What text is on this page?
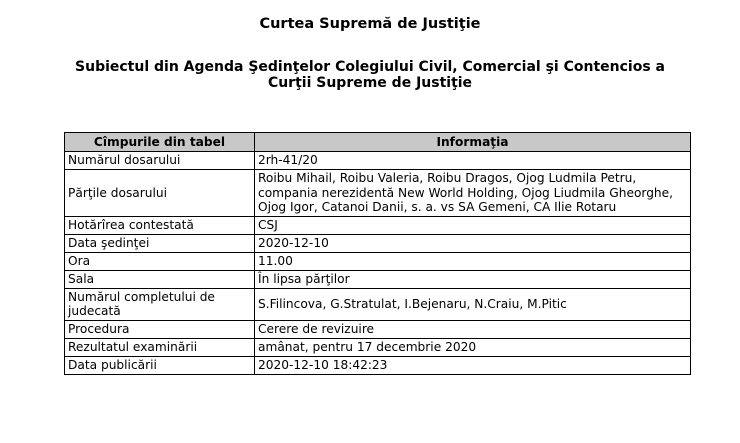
Curtea Supremă de Justiţie
Subiectul din Agenda Şedinţelor Colegiului Civil, Comercial şi Contencios a Curţii Supreme de Justiţie
Cîmpurile din tabel	Informaţia
Numărul dosarului	2rh-41/20
Părţile dosarului	Roibu Mihail, Roibu Valeria, Roibu Dragos, Ojog Ludmila Petru, compania nerezidentă New World Holding, Ojog Liudmila Gheorghe, Ojog Igor, Catanoi Danii, s. a. vs SA Gemeni, CA Ilie Rotaru
Hotărîrea contestată	CSJ
Data şedinţei	2020-12-10
Ora	11.00
Sala	În lipsa părţilor
Numărul completului de judecată	S.Filincova, G.Stratulat, I.Bejenaru, N.Craiu, M.Pitic
Procedura	Cerere de revizuire
Rezultatul examinării	amânat, pentru 17 decembrie 2020
Data publicării	2020-12-10 18:42:23
